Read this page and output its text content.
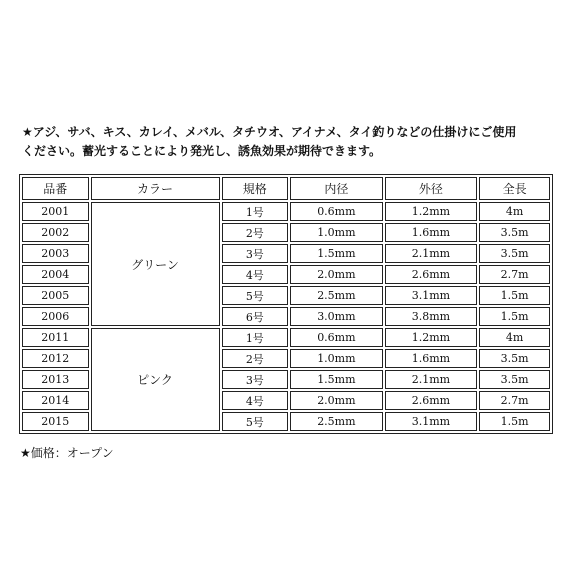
★アジ、サバ、キス、カレイ、メバル、タチウオ、アイナメ、タイ釣りなどの仕掛けにご使用
ください。蓄光することにより発光し、誘魚効果が期待できます。

品番	カラー	規格	内径	外径	全長
2001	グリーン	1号	0.6mm	1.2mm	4m
2002		2号	1.0mm	1.6mm	3.5m
2003		3号	1.5mm	2.1mm	3.5m
2004		4号	2.0mm	2.6mm	2.7m
2005		5号	2.5mm	3.1mm	1.5m
2006		6号	3.0mm	3.8mm	1.5m
2011	ピンク	1号	0.6mm	1.2mm	4m
2012		2号	1.0mm	1.6mm	3.5m
2013		3号	1.5mm	2.1mm	3.5m
2014		4号	2.0mm	2.6mm	2.7m
2015		5号	2.5mm	3.1mm	1.5m

★価格：オープン
